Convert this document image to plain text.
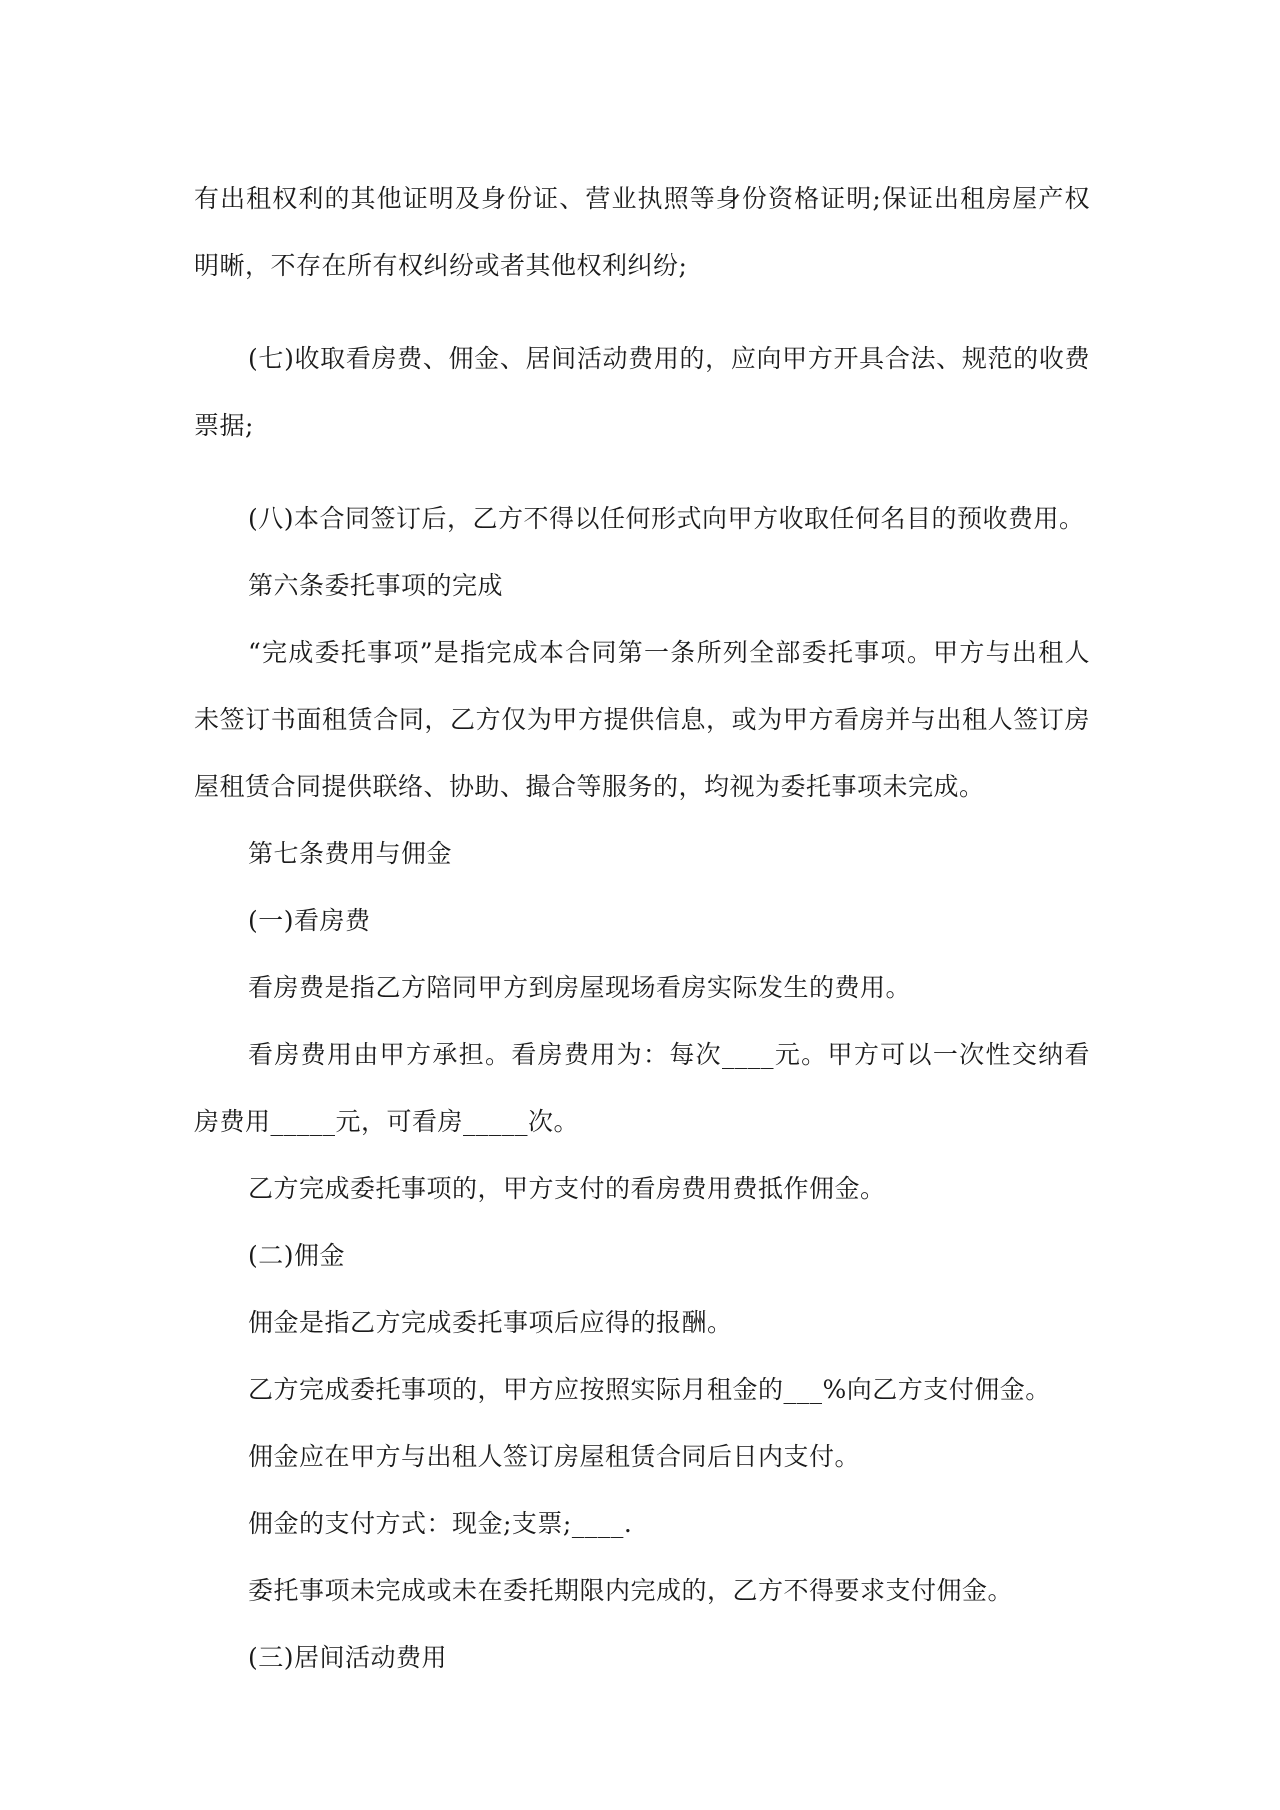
有出租权利的其他证明及身份证、营业执照等身份资格证明;保证出租房屋产权明晰，不存在所有权纠纷或者其他权利纠纷;

(七)收取看房费、佣金、居间活动费用的，应向甲方开具合法、规范的收费票据;

(八)本合同签订后，乙方不得以任何形式向甲方收取任何名目的预收费用。

第六条委托事项的完成

“完成委托事项”是指完成本合同第一条所列全部委托事项。甲方与出租人未签订书面租赁合同，乙方仅为甲方提供信息，或为甲方看房并与出租人签订房屋租赁合同提供联络、协助、撮合等服务的，均视为委托事项未完成。

第七条费用与佣金

(一)看房费

看房费是指乙方陪同甲方到房屋现场看房实际发生的费用。

看房费用由甲方承担。看房费用为：每次____元。甲方可以一次性交纳看房费用_____元，可看房_____次。

乙方完成委托事项的，甲方支付的看房费用费抵作佣金。

(二)佣金

佣金是指乙方完成委托事项后应得的报酬。

乙方完成委托事项的，甲方应按照实际月租金的___%向乙方支付佣金。

佣金应在甲方与出租人签订房屋租赁合同后日内支付。

佣金的支付方式：现金;支票;____.

委托事项未完成或未在委托期限内完成的，乙方不得要求支付佣金。

(三)居间活动费用
